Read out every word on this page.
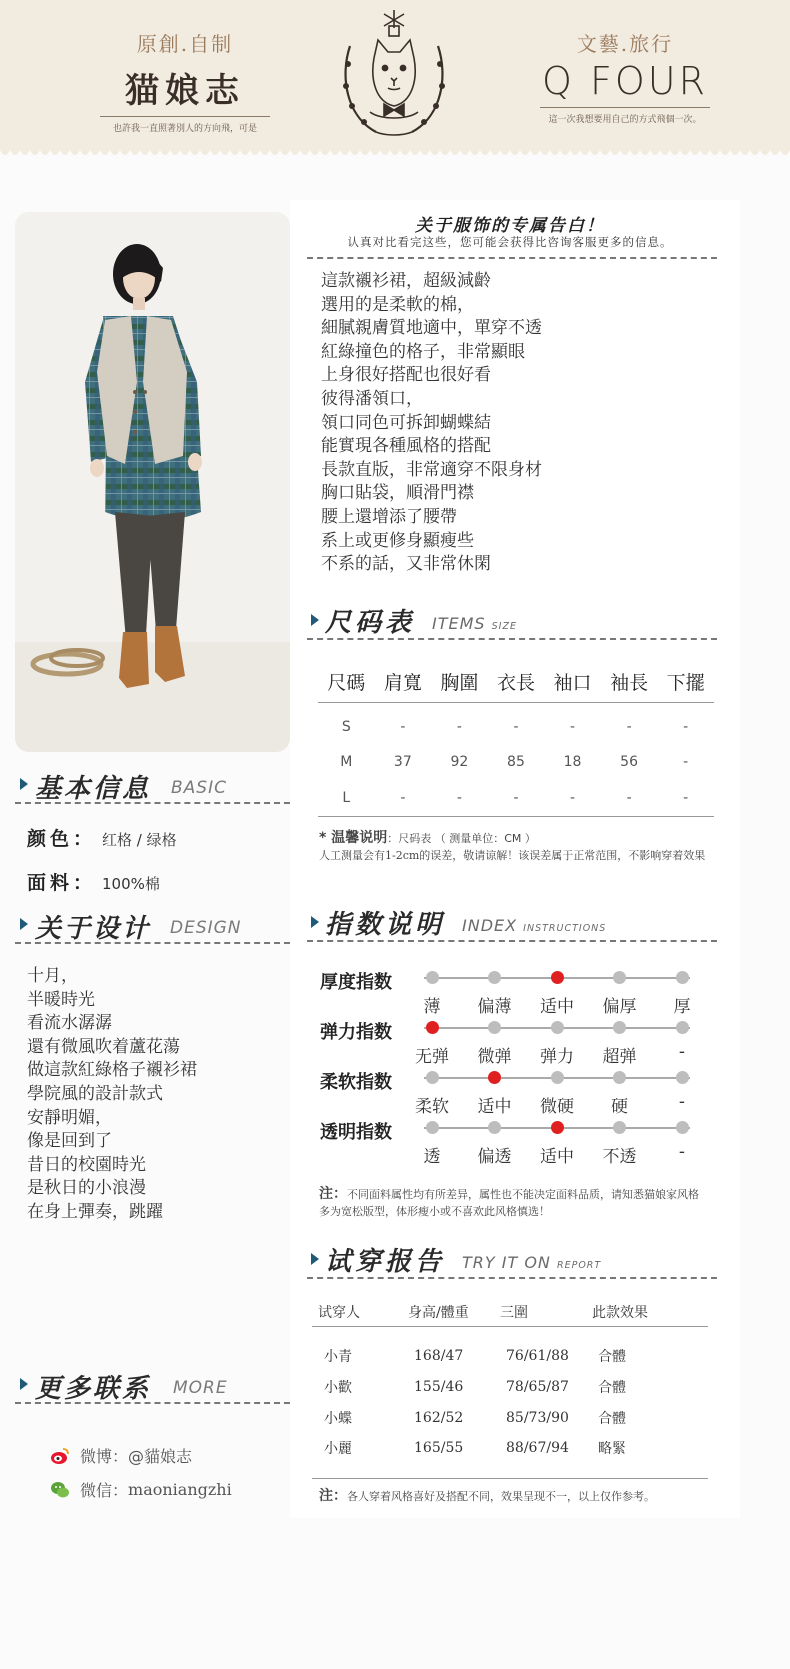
原創.自制
猫娘志
也許我一直照著別人的方向飛，可是
文藝.旅行
Q FOUR
這一次我想要用自己的方式飛個一次。
基本信息 BASIC
颜色： 红格 / 绿格
面料： 100%棉
关于设计 DESIGN
十月，
半暖時光
看流水潺潺
還有微風吹着蘆花蕩
做這款紅綠格子襯衫裙
學院風的設計款式
安靜明媚，
像是回到了
昔日的校園時光
是秋日的小浪漫
在身上彈奏，跳躍
更多联系 MORE
微博：@貓娘志
微信： maoniangzhi
关于服饰的专属告白！
认真对比看完这些，您可能会获得比咨询客服更多的信息。
這款襯衫裙，超級減齡
選用的是柔軟的棉，
細膩親膚質地適中，單穿不透
紅綠撞色的格子，非常顯眼
上身很好搭配也很好看
彼得潘領口，
領口同色可拆卸蝴蝶結
能實現各種風格的搭配
長款直版，非常適穿不限身材
胸口貼袋，順滑門襟
腰上還增添了腰帶
系上或更修身顯瘦些
不系的話，又非常休閑
尺码表 ITEMS SIZE
尺碼	肩寬	胸圍	衣長	袖口	袖長	下擺
S	-	-	-	-	-	-
M	37	92	85	18	56	-
L	-	-	-	-	-	-
* 温馨说明：尺码表 （ 测量单位：CM ）
人工测量会有1-2cm的误差，敬请谅解！该误差属于正常范围，不影响穿着效果
指数说明 INDEX INSTRUCTIONS
厚度指数
薄	偏薄	适中	偏厚	厚
弹力指数
无弹	微弹	弹力	超弹	-
柔软指数
柔软	适中	微硬	硬	-
透明指数
透	偏透	适中	不透	-
注：不同面料属性均有所差异，属性也不能决定面料品质，请知悉猫娘家风格多为宽松版型，体形瘦小或不喜欢此风格慎选！
试穿报告 TRY IT ON REPORT
试穿人	身高/體重	三圍	此款效果
小青	168/47	76/61/88	合體
小歡	155/46	78/65/87	合體
小蝶	162/52	85/73/90	合體
小麗	165/55	88/67/94	略緊
注：各人穿着风格喜好及搭配不同，效果呈现不一，以上仅作参考。
